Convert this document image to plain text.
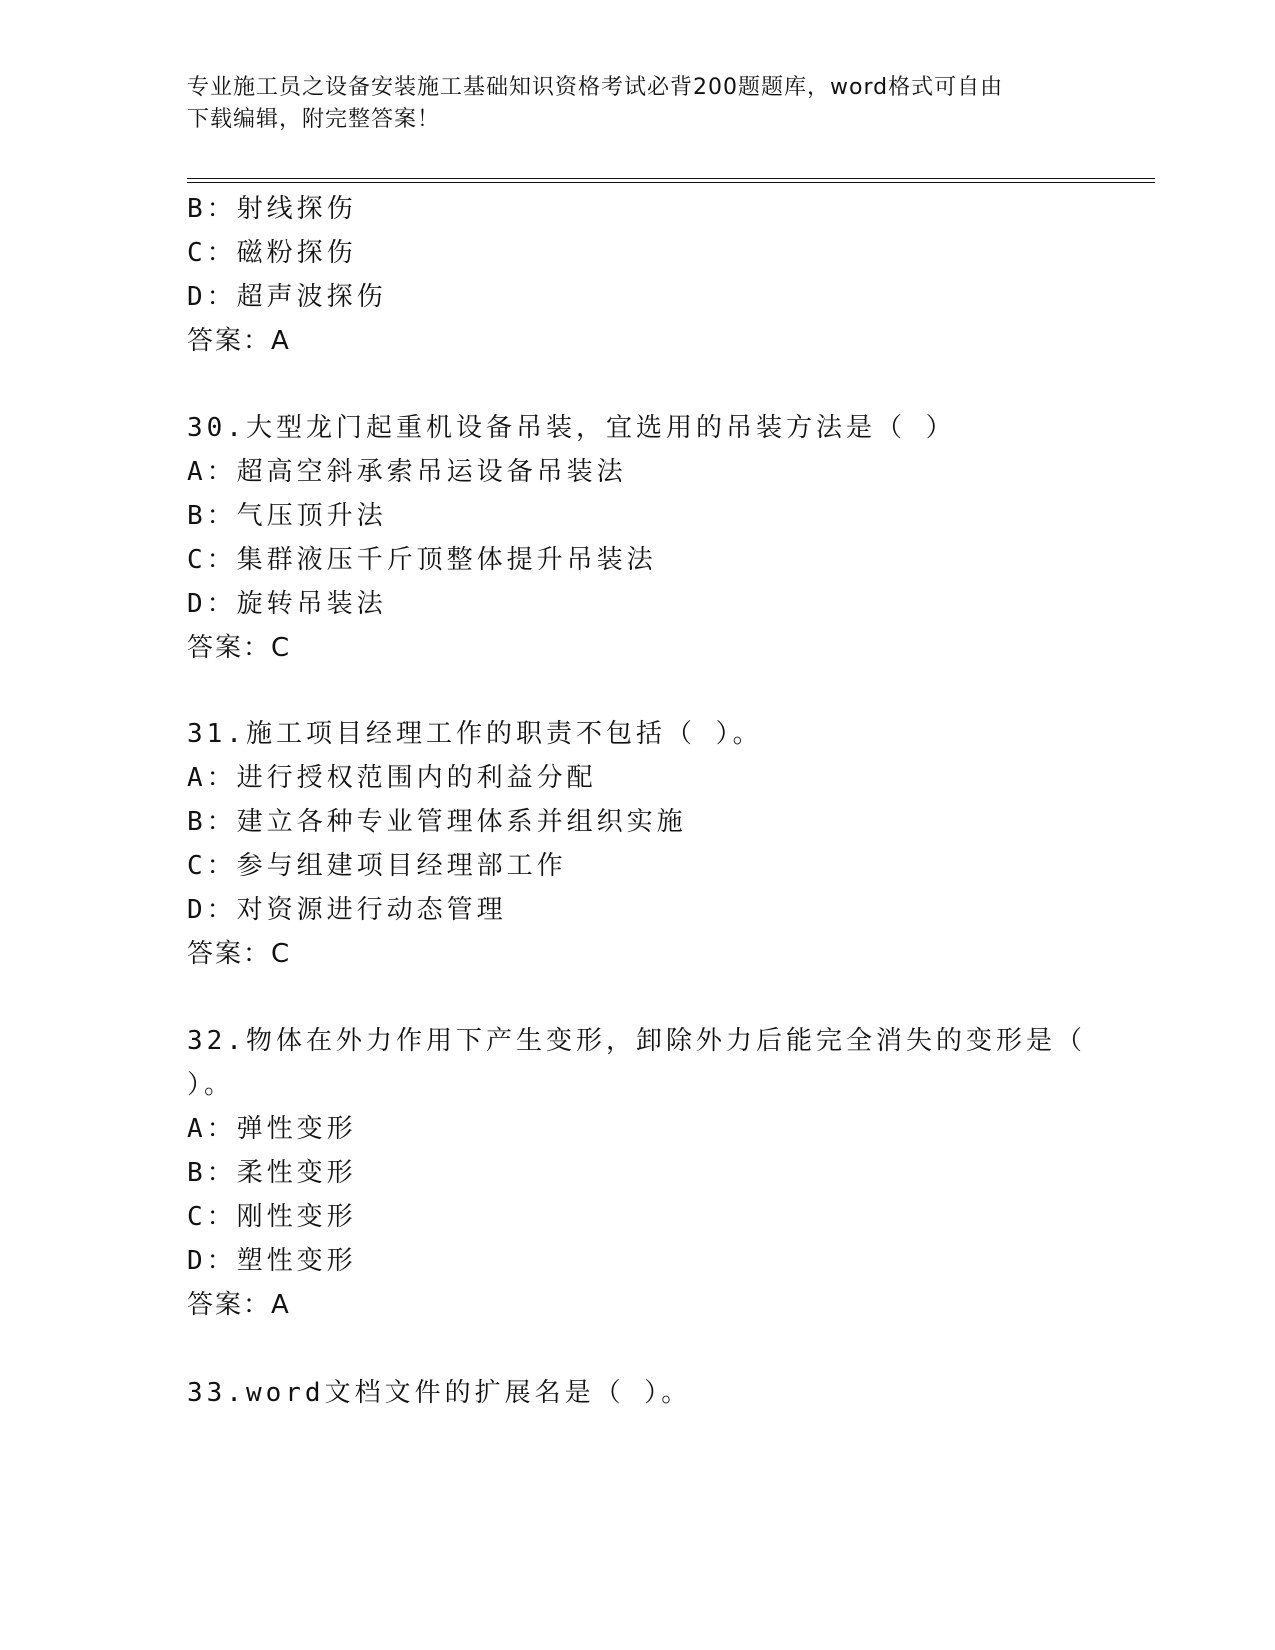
专业施工员之设备安装施工基础知识资格考试必背200题题库，word格式可自由
下载编辑，附完整答案！
B：射线探伤
C：磁粉探伤
D：超声波探伤
答案：A
30.大型龙门起重机设备吊装，宜选用的吊装方法是（ ）
A：超高空斜承索吊运设备吊装法
B：气压顶升法
C：集群液压千斤顶整体提升吊装法
D：旋转吊装法
答案：C
31.施工项目经理工作的职责不包括（ ）。
A：进行授权范围内的利益分配
B：建立各种专业管理体系并组织实施
C：参与组建项目经理部工作
D：对资源进行动态管理
答案：C
32.物体在外力作用下产生变形，卸除外力后能完全消失的变形是（
）。
A：弹性变形
B：柔性变形
C：刚性变形
D：塑性变形
答案：A
33.word文档文件的扩展名是（ ）。
